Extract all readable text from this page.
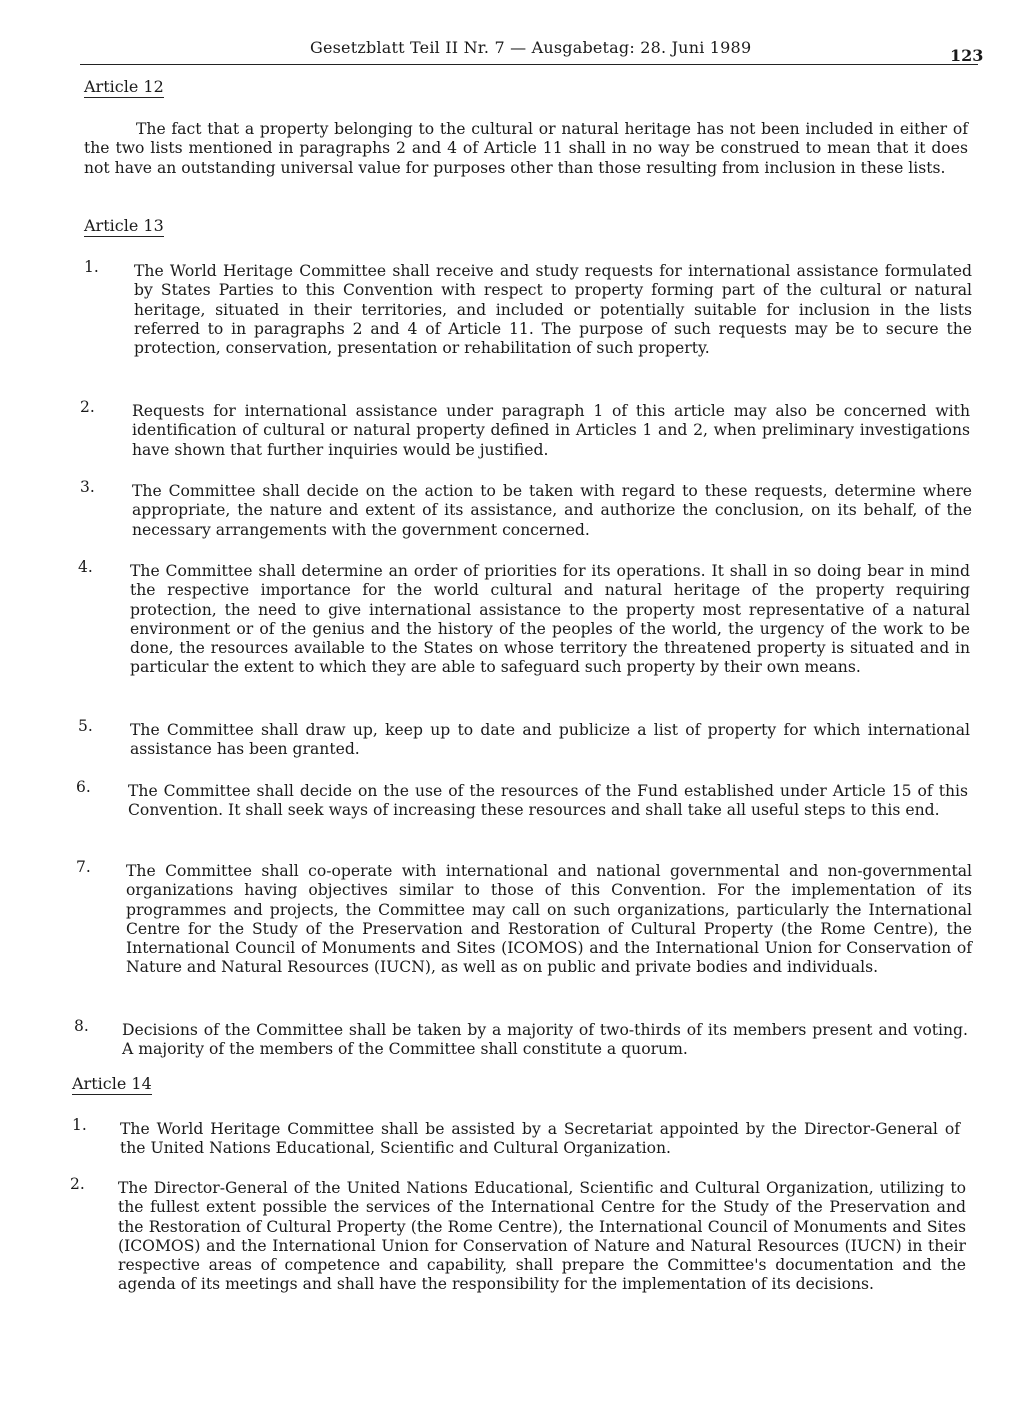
Gesetzblatt Teil II Nr. 7 — Ausgabetag: 28. Juni 1989	123
Article 12
The fact that a property belonging to the cultural or natural heritage has not been included in either of the two lists mentioned in paragraphs 2 and 4 of Article 11 shall in no way be construed to mean that it does not have an outstanding universal value for purposes other than those resulting from inclusion in these lists.
Article 13
1. The World Heritage Committee shall receive and study requests for international assistance formulated by States Parties to this Convention with respect to property forming part of the cultural or natural heritage, situated in their territories, and included or potentially suitable for inclusion in the lists referred to in paragraphs 2 and 4 of Article 11. The purpose of such requests may be to secure the protection, conservation, presentation or rehabilitation of such property.
2. Requests for international assistance under paragraph 1 of this article may also be concerned with identification of cultural or natural property defined in Articles 1 and 2, when preliminary investigations have shown that further inquiries would be justified.
3. The Committee shall decide on the action to be taken with regard to these requests, determine where appropriate, the nature and extent of its assistance, and authorize the conclusion, on its behalf, of the necessary arrangements with the government concerned.
4. The Committee shall determine an order of priorities for its operations. It shall in so doing bear in mind the respective importance for the world cultural and natural heritage of the property requiring protection, the need to give international assistance to the property most representative of a natural environment or of the genius and the history of the peoples of the world, the urgency of the work to be done, the resources available to the States on whose territory the threatened property is situated and in particular the extent to which they are able to safeguard such property by their own means.
5. The Committee shall draw up, keep up to date and publicize a list of property for which international assistance has been granted.
6. The Committee shall decide on the use of the resources of the Fund established under Article 15 of this Convention. It shall seek ways of increasing these resources and shall take all useful steps to this end.
7. The Committee shall co-operate with international and national governmental and non-governmental organizations having objectives similar to those of this Convention. For the implementation of its programmes and projects, the Committee may call on such organizations, particularly the International Centre for the Study of the Preservation and Restoration of Cultural Property (the Rome Centre), the International Council of Monuments and Sites (ICOMOS) and the International Union for Conservation of Nature and Natural Resources (IUCN), as well as on public and private bodies and individuals.
8. Decisions of the Committee shall be taken by a majority of two-thirds of its members present and voting. A majority of the members of the Committee shall constitute a quorum.
Article 14
1. The World Heritage Committee shall be assisted by a Secretariat appointed by the Director-General of the United Nations Educational, Scientific and Cultural Organization.
2. The Director-General of the United Nations Educational, Scientific and Cultural Organization, utilizing to the fullest extent possible the services of the International Centre for the Study of the Preservation and the Restoration of Cultural Property (the Rome Centre), the International Council of Monuments and Sites (ICOMOS) and the International Union for Conservation of Nature and Natural Resources (IUCN) in their respective areas of competence and capability, shall prepare the Committee's documentation and the agenda of its meetings and shall have the responsibility for the implementation of its decisions.
